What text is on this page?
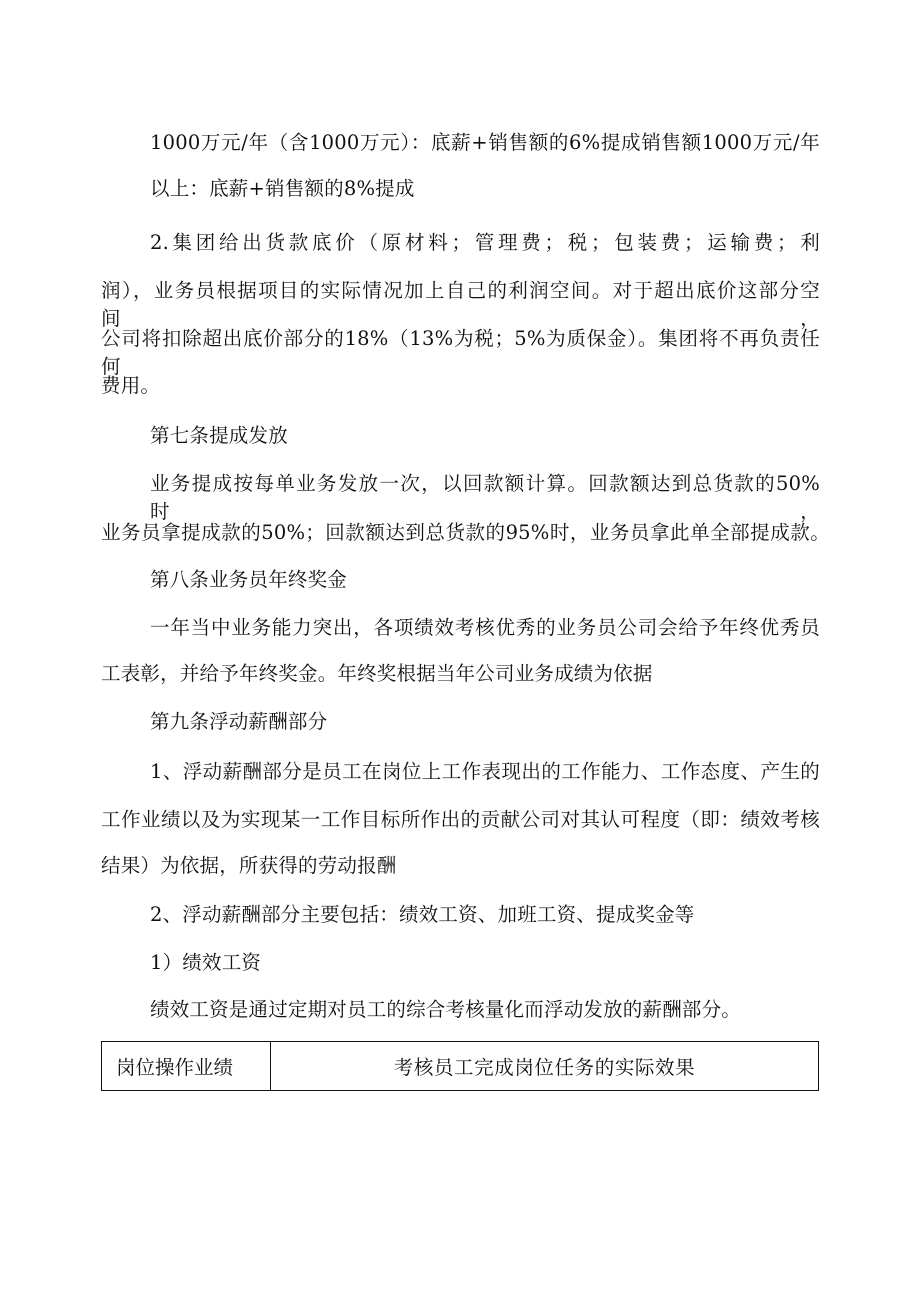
1000万元/年（含1000万元）：底薪+销售额的6%提成销售额1000万元/年
以上：底薪+销售额的8%提成
2.集团给出货款底价（原材料；管理费；税；包装费；运输费；利
润），业务员根据项目的实际情况加上自己的利润空间。对于超出底价这部分空间，
公司将扣除超出底价部分的18%（13%为税；5%为质保金）。集团将不再负责任何
费用。
第七条提成发放
业务提成按每单业务发放一次，以回款额计算。回款额达到总货款的50%时，
业务员拿提成款的50%；回款额达到总货款的95%时，业务员拿此单全部提成款。
第八条业务员年终奖金
一年当中业务能力突出，各项绩效考核优秀的业务员公司会给予年终优秀员
工表彰，并给予年终奖金。年终奖根据当年公司业务成绩为依据
第九条浮动薪酬部分
1、浮动薪酬部分是员工在岗位上工作表现出的工作能力、工作态度、产生的
工作业绩以及为实现某一工作目标所作出的贡献公司对其认可程度（即：绩效考核
结果）为依据，所获得的劳动报酬
2、浮动薪酬部分主要包括：绩效工资、加班工资、提成奖金等
1）绩效工资
绩效工资是通过定期对员工的综合考核量化而浮动发放的薪酬部分。
岗位操作业绩	考核员工完成岗位任务的实际效果
